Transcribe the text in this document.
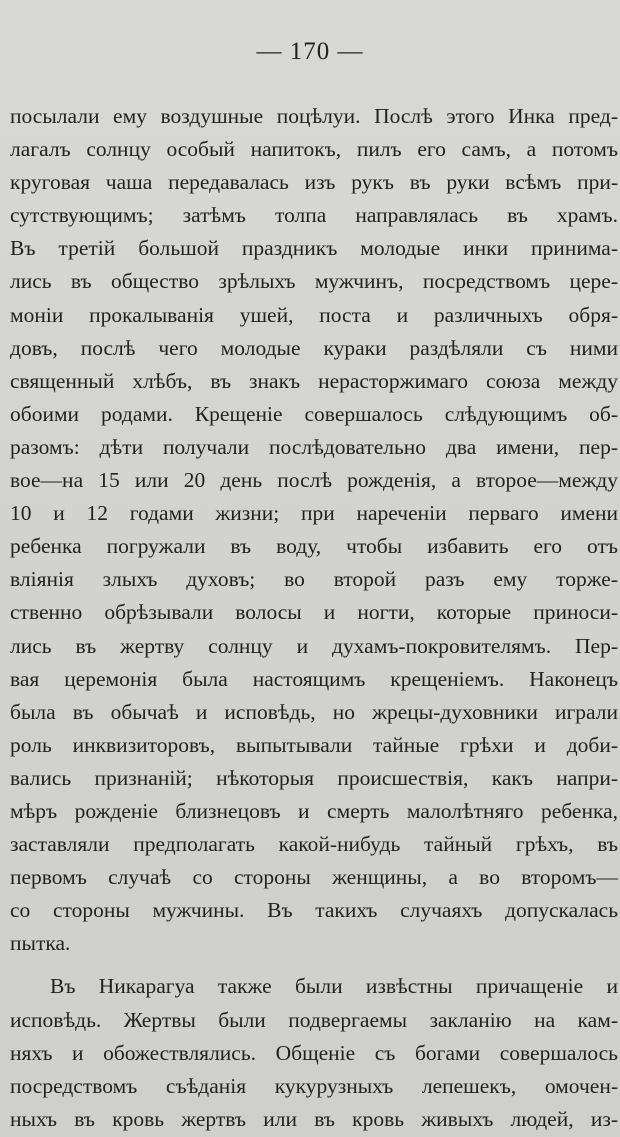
— 170 —
посылали ему воздушные поцѣлуи. Послѣ этого Инка пред-
лагалъ солнцу особый напитокъ, пилъ его самъ, а потомъ
круговая чаша передавалась изъ рукъ въ руки всѣмъ при-
сутствующимъ; затѣмъ толпа направлялась въ храмъ.
Въ третій большой праздникъ молодые инки принима-
лись въ общество зрѣлыхъ мужчинъ, посредствомъ цере-
моніи прокалыванія ушей, поста и различныхъ обря-
довъ, послѣ чего молодые кураки раздѣляли съ ними
священный хлѣбъ, въ знакъ нерасторжимаго союза между
обоими родами. Крещеніе совершалось слѣдующимъ об-
разомъ: дѣти получали послѣдовательно два имени, пер-
вое—на 15 или 20 день послѣ рожденія, а второе—между
10 и 12 годами жизни; при нареченіи перваго имени
ребенка погружали въ воду, чтобы избавить его отъ
вліянія злыхъ духовъ; во второй разъ ему торже-
ственно обрѣзывали волосы и ногти, которые приноси-
лись въ жертву солнцу и духамъ-покровителямъ. Пер-
вая церемонія была настоящимъ крещеніемъ. Наконецъ
была въ обычаѣ и исповѣдь, но жрецы-духовники играли
роль инквизиторовъ, выпытывали тайные грѣхи и доби-
вались признаній; нѣкоторыя происшествія, какъ напри-
мѣръ рожденіе близнецовъ и смерть малолѣтняго ребенка,
заставляли предполагать какой-нибудь тайный грѣхъ, въ
первомъ случаѣ со стороны женщины, а во второмъ—
со стороны мужчины. Въ такихъ случаяхъ допускалась
пытка.
Въ Никарагуа также были извѣстны причащеніе и
исповѣдь. Жертвы были подвергаемы закланію на кам-
няхъ и обожествлялись. Общеніе съ богами совершалось
посредствомъ съѣданія кукурузныхъ лепешекъ, омочен-
ныхъ въ кровь жертвъ или въ кровь живыхъ людей, из-
